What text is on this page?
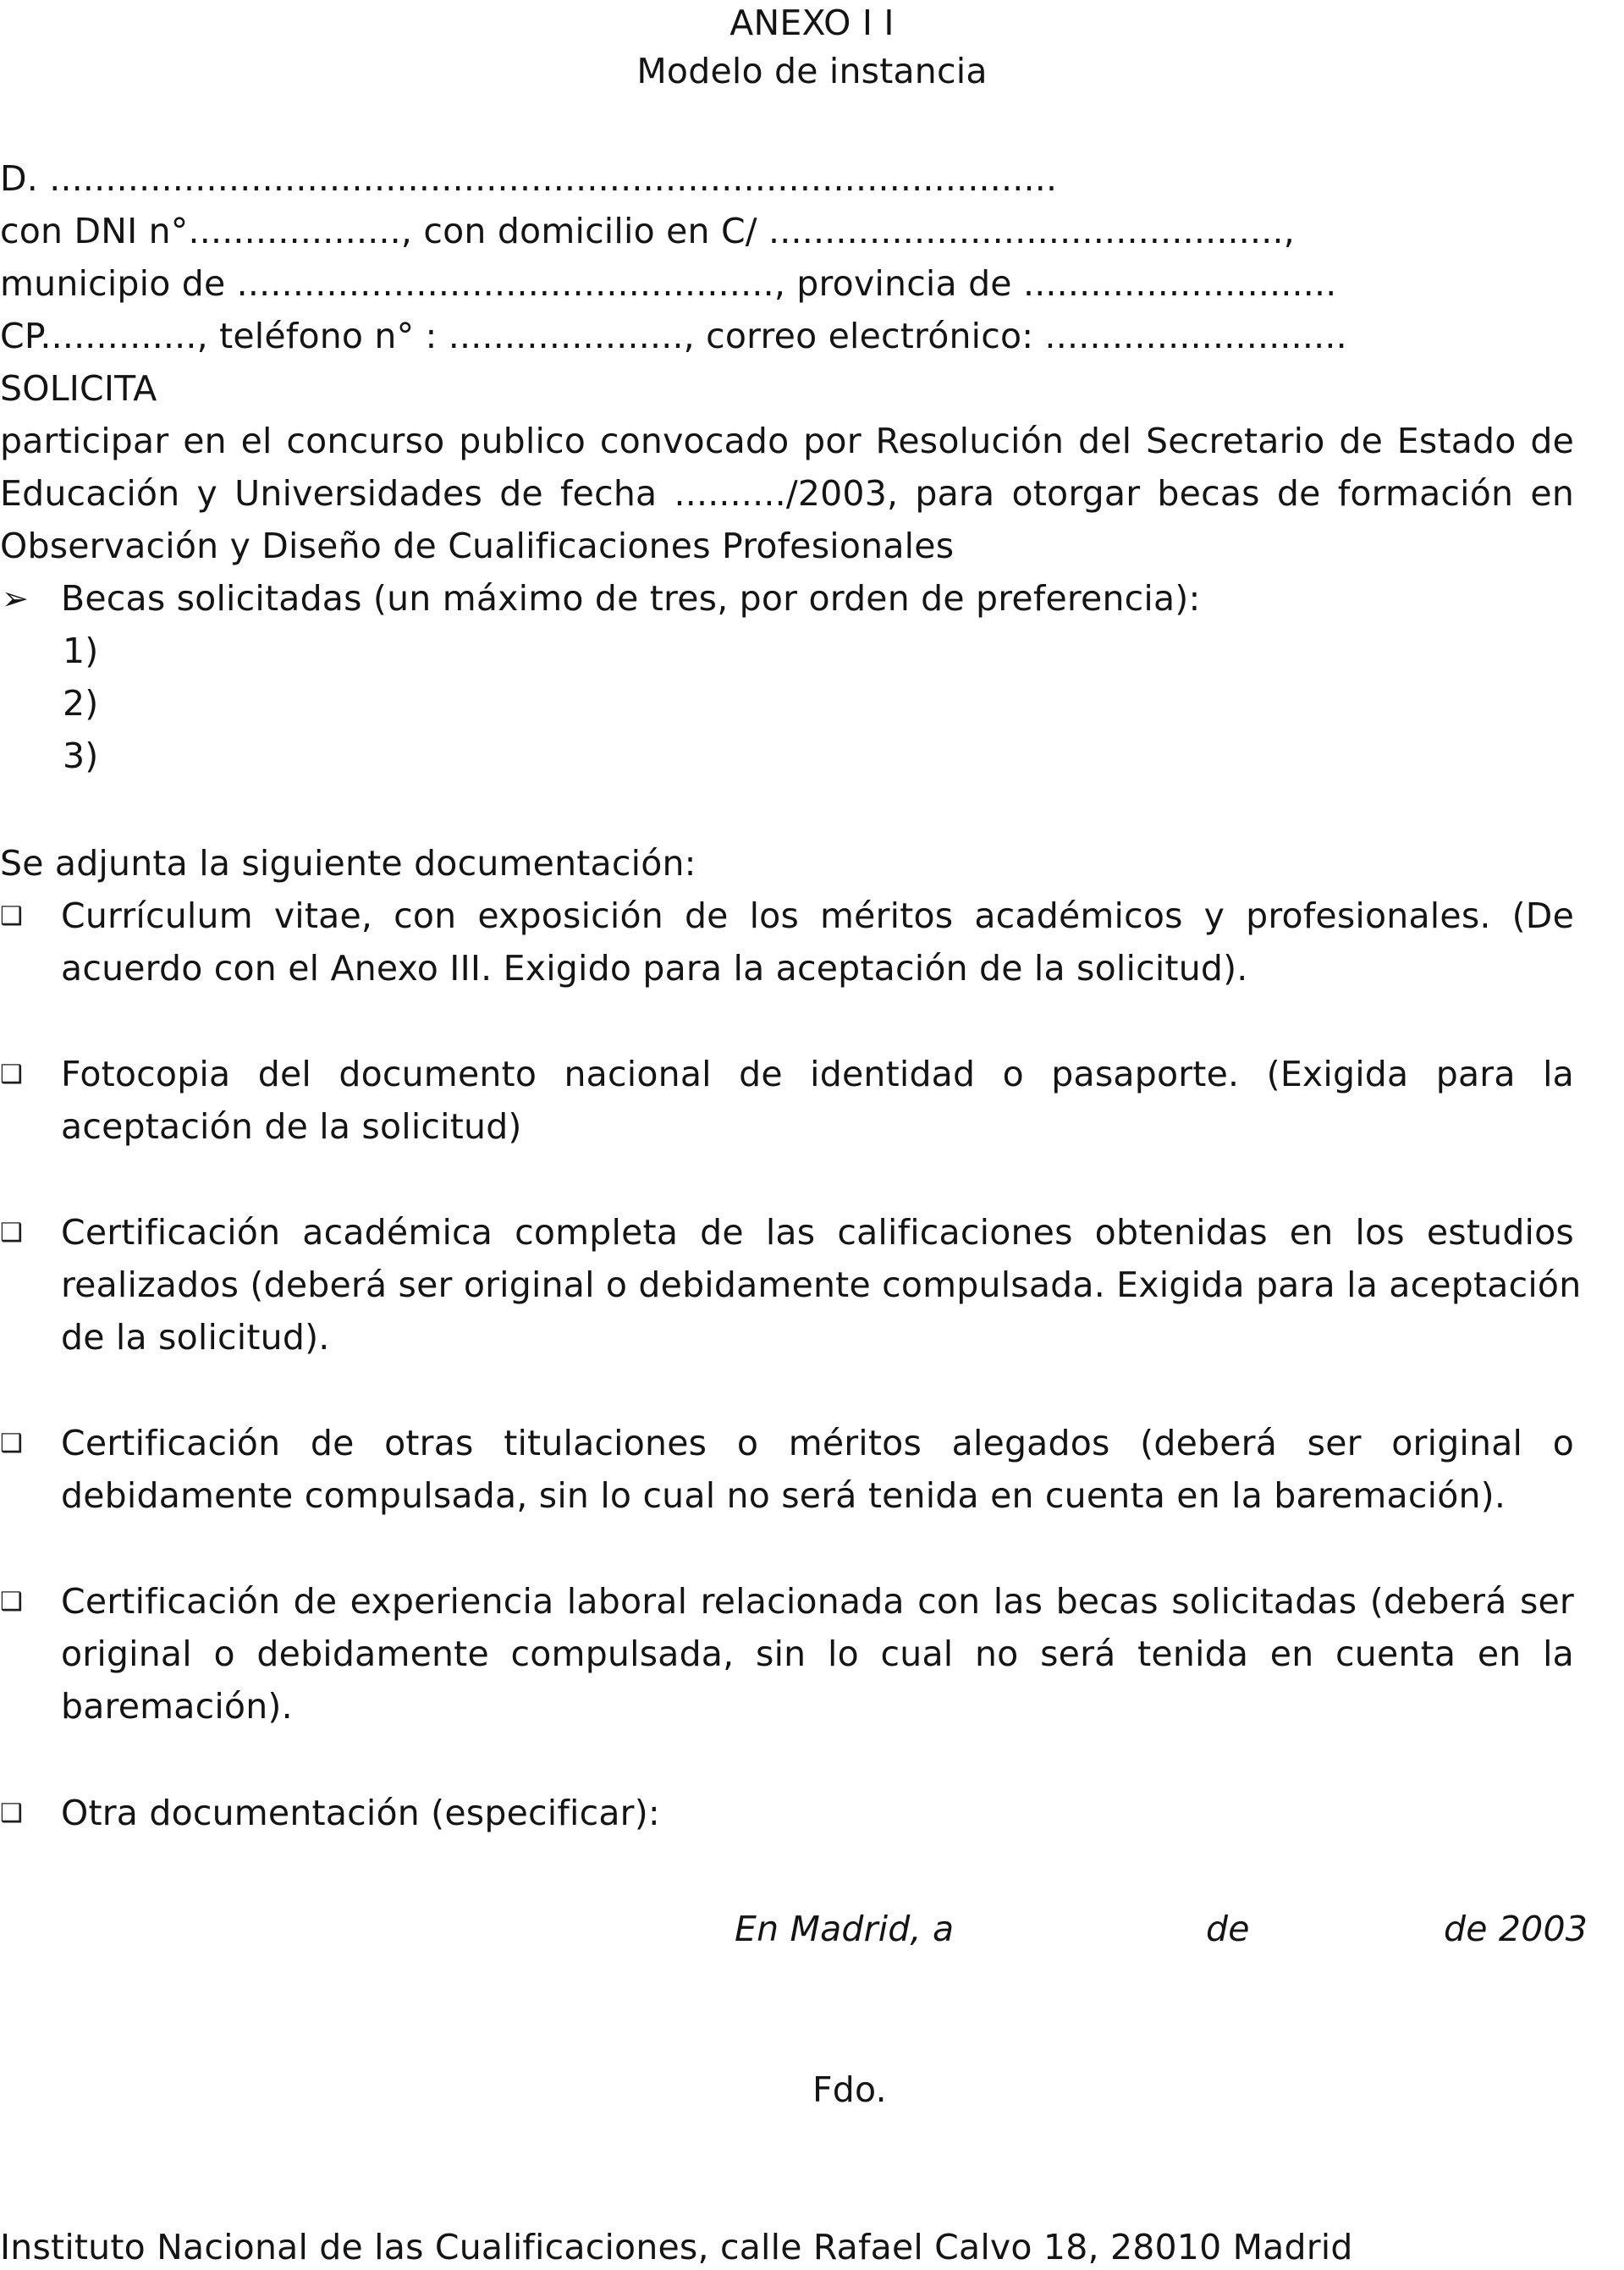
ANEXO I I
Modelo de instancia
D. ..........................................................................................
con DNI n°..................., con domicilio en C/ ..............................................,
municipio de ................................................, provincia de ............................
CP.............., teléfono n° : ....................., correo electrónico: ...........................
SOLICITA
participar en el concurso publico convocado por Resolución del Secretario de Estado de
Educación y Universidades de fecha ........../2003, para otorgar becas de formación en
Observación y Diseño de Cualificaciones Profesionales
➢ Becas solicitadas (un máximo de tres, por orden de preferencia):
1)
2)
3)
Se adjunta la siguiente documentación:
❑ Currículum vitae, con exposición de los méritos académicos y profesionales. (De
acuerdo con el Anexo III. Exigido para la aceptación de la solicitud).
❑ Fotocopia del documento nacional de identidad o pasaporte. (Exigida para la
aceptación de la solicitud)
❑ Certificación académica completa de las calificaciones obtenidas en los estudios
realizados (deberá ser original o debidamente compulsada. Exigida para la aceptación
de la solicitud).
❑ Certificación de otras titulaciones o méritos alegados (deberá ser original o
debidamente compulsada, sin lo cual no será tenida en cuenta en la baremación).
❑ Certificación de experiencia laboral relacionada con las becas solicitadas (deberá ser
original o debidamente compulsada, sin lo cual no será tenida en cuenta en la
baremación).
❑ Otra documentación (especificar):
En Madrid, a	de	de 2003
Fdo.
Instituto Nacional de las Cualificaciones, calle Rafael Calvo 18, 28010 Madrid
